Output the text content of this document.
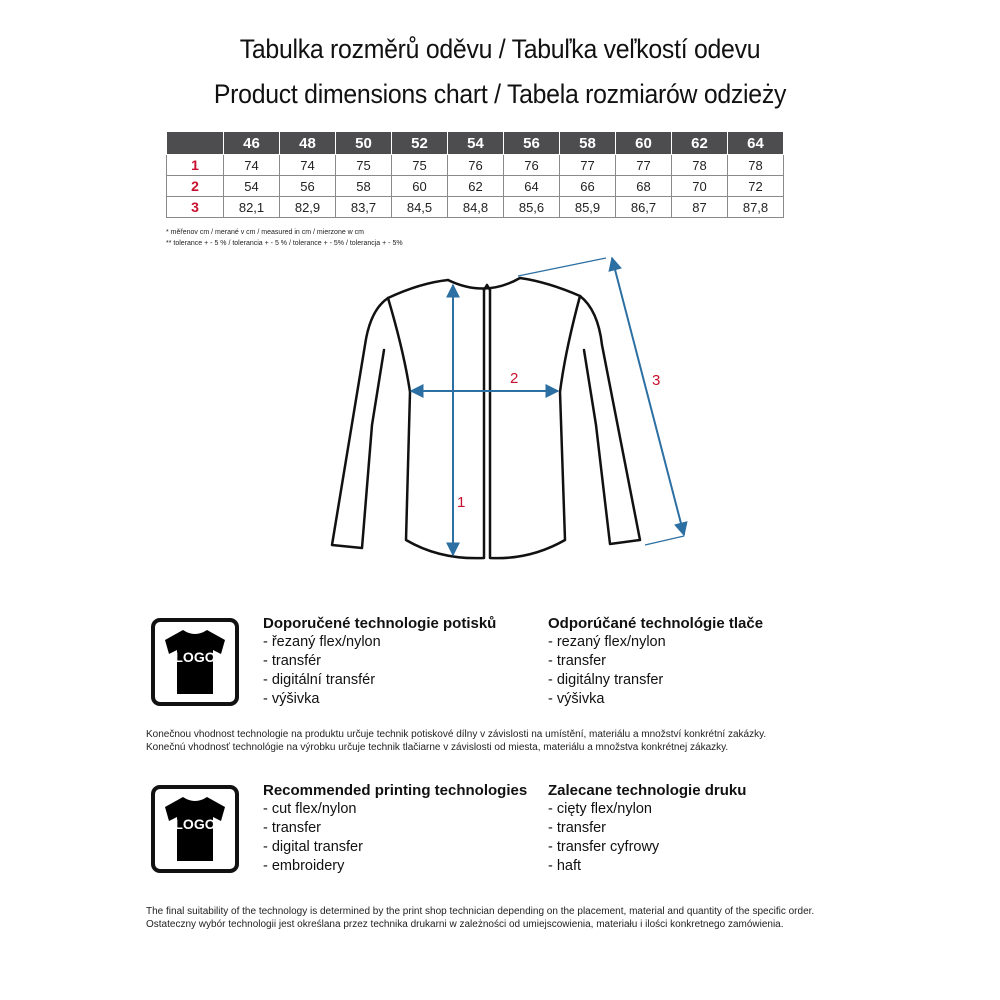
Tabulka rozměrů oděvu / Tabuľka veľkostí odevu
Product dimensions chart / Tabela rozmiarów odzieży
	46	48	50	52	54	56	58	60	62	64
1	74	74	75	75	76	76	77	77	78	78
2	54	56	58	60	62	64	66	68	70	72
3	82,1	82,9	83,7	84,5	84,8	85,6	85,9	86,7	87	87,8
* měřenov cm / merané v cm / measured in cm / mierzone w cm
** tolerance + - 5 % / tolerancia + - 5 % / tolerance + - 5% / tolerancja + - 5%
1
2	3
LOGO
Doporučené technologie potisků
- řezaný flex/nylon
- transfér
- digitální transfér
- výšivka
Odporúčané technológie tlače
- rezaný flex/nylon
- transfer
- digitálny transfer
- výšivka
Konečnou vhodnost technologie na produktu určuje technik potiskové dílny v závislosti na umístění, materiálu a množství konkrétní zakázky.
Konečnú vhodnosť technológie na výrobku určuje technik tlačiarne v závislosti od miesta, materiálu a množstva konkrétnej zákazky.
LOGO
Recommended printing technologies
- cut flex/nylon
- transfer
- digital transfer
- embroidery
Zalecane technologie druku
- cięty flex/nylon
- transfer
- transfer cyfrowy
- haft
The final suitability of the technology is determined by the print shop technician depending on the placement, material and quantity of the specific order.
Ostateczny wybór technologii jest określana przez technika drukarni w zależności od umiejscowienia, materiału i ilości konkretnego zamówienia.
